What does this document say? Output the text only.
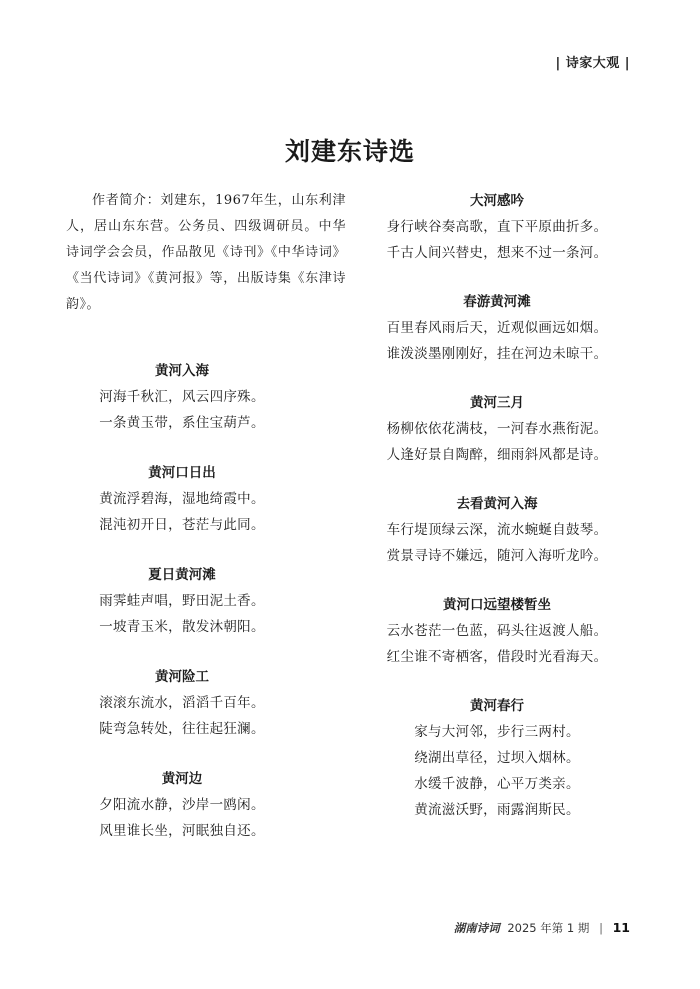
| 诗家大观 |
刘建东诗选

作者简介：刘建东，1967年生，山东利津人，居山东东营。公务员、四级调研员。中华诗词学会会员，作品散见《诗刊》《中华诗词》《当代诗词》《黄河报》等，出版诗集《东津诗韵》。

黄河入海
河海千秋汇，风云四序殊。
一条黄玉带，系住宝葫芦。
黄河口日出
黄流浮碧海，湿地绮霞中。
混沌初开日，苍茫与此同。
夏日黄河滩
雨霁蛙声唱，野田泥土香。
一坡青玉米，散发沐朝阳。
黄河险工
滚滚东流水，滔滔千百年。
陡弯急转处，往往起狂澜。
黄河边
夕阳流水静，沙岸一鸥闲。
风里谁长坐，河眠独自还。
大河感吟
身行峡谷奏高歌，直下平原曲折多。
千古人间兴替史，想来不过一条河。
春游黄河滩
百里春风雨后天，近观似画远如烟。
谁泼淡墨刚刚好，挂在河边未晾干。
黄河三月
杨柳依依花满枝，一河春水燕衔泥。
人逢好景自陶醉，细雨斜风都是诗。
去看黄河入海
车行堤顶绿云深，流水蜿蜒自鼓琴。
赏景寻诗不嫌远，随河入海听龙吟。
黄河口远望楼暂坐
云水苍茫一色蓝，码头往返渡人船。
红尘谁不寄栖客，借段时光看海天。
黄河春行
家与大河邻，步行三两村。
绕湖出草径，过坝入烟林。
水缓千波静，心平万类亲。
黄流滋沃野，雨露润斯民。
湖南诗词 2025 年第 1 期 | 11
